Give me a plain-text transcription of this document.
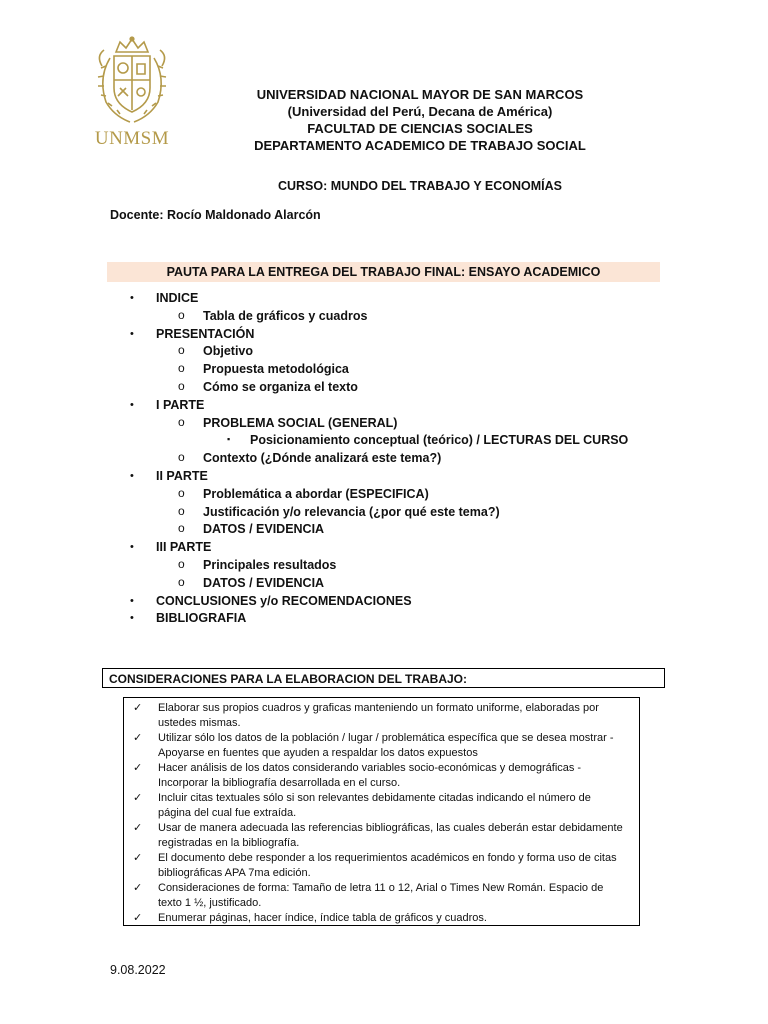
UNMSM
UNIVERSIDAD NACIONAL MAYOR DE SAN MARCOS
(Universidad del Perú, Decana de América)
FACULTAD DE CIENCIAS SOCIALES
DEPARTAMENTO ACADEMICO DE TRABAJO SOCIAL
CURSO: MUNDO DEL TRABAJO Y ECONOMÍAS
Docente: Rocío Maldonado Alarcón
PAUTA PARA LA ENTREGA DEL TRABAJO FINAL: ENSAYO ACADEMICO
• INDICE
o Tabla de gráficos y cuadros
• PRESENTACIÓN
o Objetivo
o Propuesta metodológica
o Cómo se organiza el texto
• I PARTE
o PROBLEMA SOCIAL (GENERAL)
▪ Posicionamiento conceptual (teórico) / LECTURAS DEL CURSO
o Contexto (¿Dónde analizará este tema?)
• II PARTE
o Problemática a abordar (ESPECIFICA)
o Justificación y/o relevancia (¿por qué este tema?)
o DATOS / EVIDENCIA
• III PARTE
o Principales resultados
o DATOS / EVIDENCIA
• CONCLUSIONES y/o RECOMENDACIONES
• BIBLIOGRAFIA
CONSIDERACIONES PARA LA ELABORACION DEL TRABAJO:
✓ Elaborar sus propios cuadros y graficas manteniendo un formato uniforme, elaboradas por
ustedes mismas.
✓ Utilizar sólo los datos de la población / lugar / problemática específica que se desea mostrar -
Apoyarse en fuentes que ayuden a respaldar los datos expuestos
✓ Hacer análisis de los datos considerando variables socio-económicas y demográficas -
Incorporar la bibliografía desarrollada en el curso.
✓ Incluir citas textuales sólo si son relevantes debidamente citadas indicando el número de
página del cual fue extraída.
✓ Usar de manera adecuada las referencias bibliográficas, las cuales deberán estar debidamente
registradas en la bibliografía.
✓ El documento debe responder a los requerimientos académicos en fondo y forma uso de citas
bibliográficas APA 7ma edición.
✓ Consideraciones de forma: Tamaño de letra 11 o 12, Arial o Times New Román. Espacio de
texto 1 ½, justificado.
✓ Enumerar páginas, hacer índice, índice tabla de gráficos y cuadros.
9.08.2022
